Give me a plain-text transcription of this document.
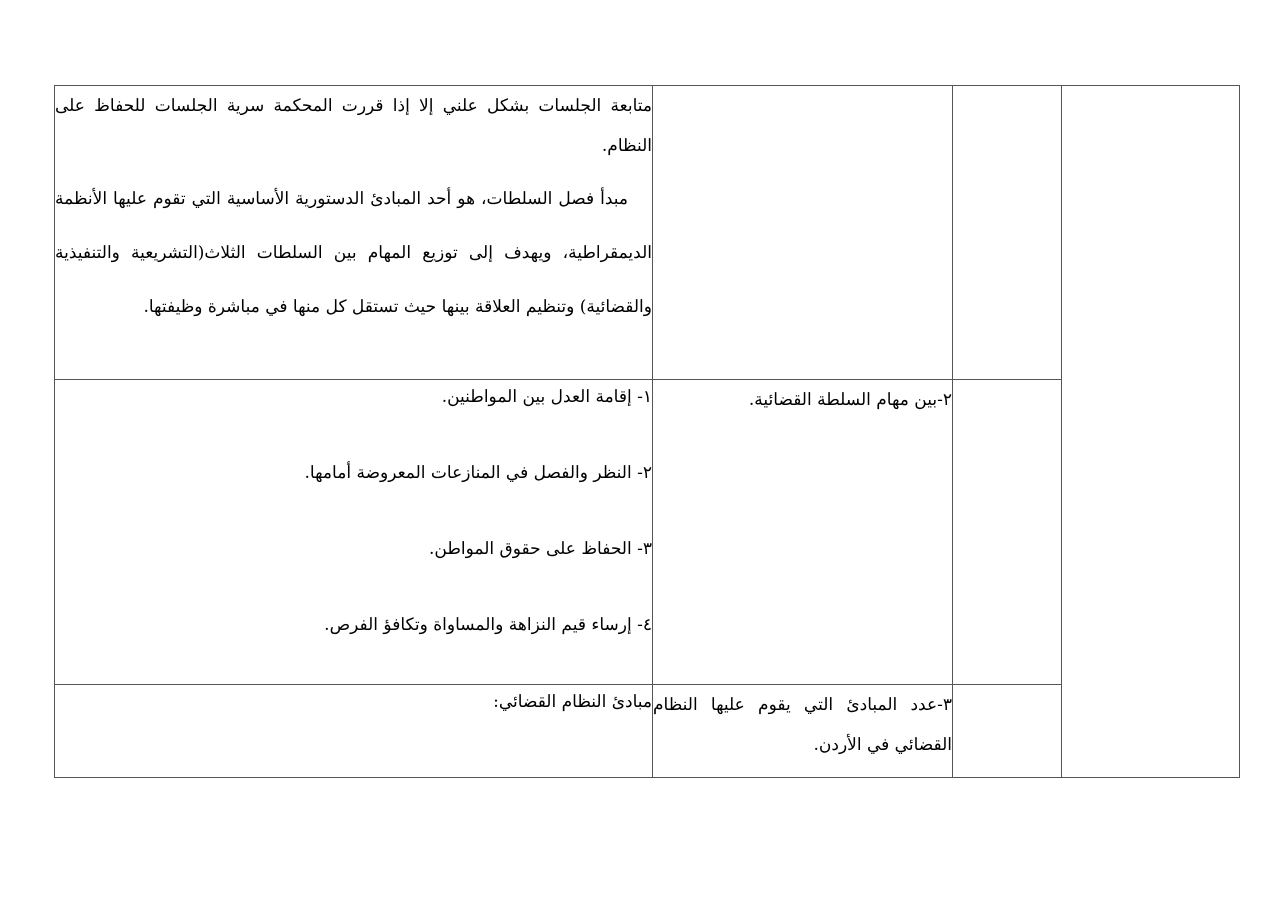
متابعة الجلسات بشكل علني إلا إذا قررت المحكمة سرية الجلسات للحفاظ على النظام.

مبدأ فصل السلطات، هو أحد المبادئ الدستورية الأساسية التي تقوم عليها الأنظمة الديمقراطية، ويهدف إلى توزيع المهام بين السلطات الثلاث(التشريعية والتنفيذية والقضائية) وتنظيم العلاقة بينها حيث تستقل كل منها في مباشرة وظيفتها.			

١- إقامة العدل بين المواطنين.
٢- النظر والفصل في المنازعات المعروضة أمامها.
٣- الحفاظ على حقوق المواطن.
٤- إرساء قيم النزاهة والمساواة وتكافؤ الفرص.	٢-بين مهام السلطة القضائية.		

مبادئ النظام القضائي:	٣-عدد المبادئ التي يقوم عليها النظام القضائي في الأردن.		
